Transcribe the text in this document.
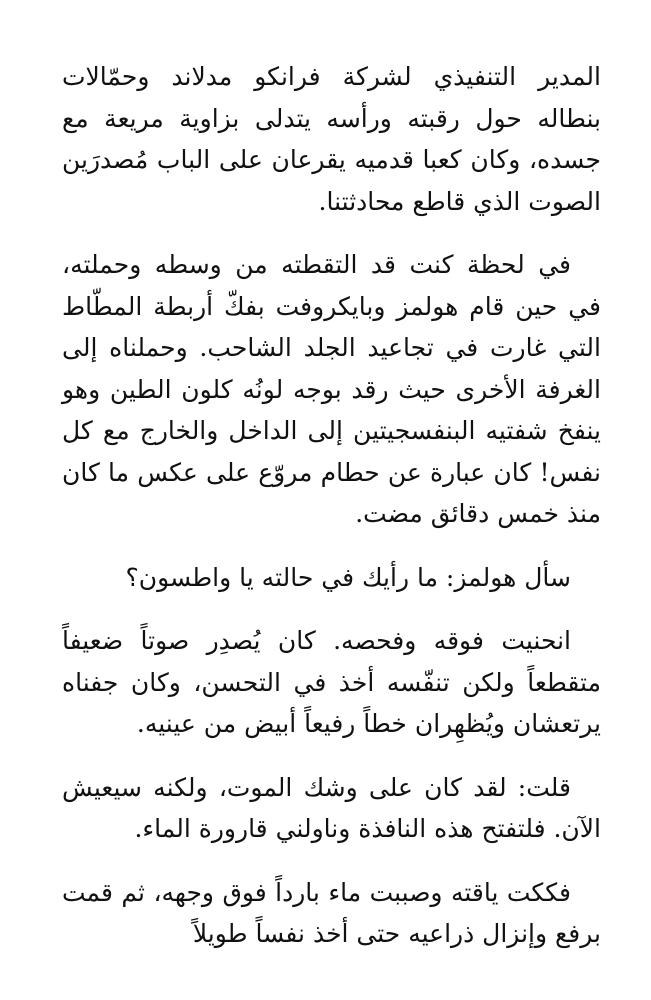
المدير التنفيذي لشركة فرانكو مدلاند وحمّالات بنطاله حول رقبته ورأسه يتدلى بزاوية مريعة مع جسده، وكان كعبا قدميه يقرعان على الباب مُصدرَين الصوت الذي قاطع محادثتنا.

في لحظة كنت قد التقطته من وسطه وحملته، في حين قام هولمز وبايكروفت بفكّ أربطة المطّاط التي غارت في تجاعيد الجلد الشاحب. وحملناه إلى الغرفة الأخرى حيث رقد بوجه لونُه كلون الطين وهو ينفخ شفتيه البنفسجيتين إلى الداخل والخارج مع كل نفس! كان عبارة عن حطام مروّع على عكس ما كان منذ خمس دقائق مضت.

سأل هولمز: ما رأيك في حالته يا واطسون؟

انحنيت فوقه وفحصه. كان يُصدِر صوتاً ضعيفاً متقطعاً ولكن تنفّسه أخذ في التحسن، وكان جفناه يرتعشان ويُظهِران خطاً رفيعاً أبيض من عينيه.

قلت: لقد كان على وشك الموت، ولكنه سيعيش الآن. فلتفتح هذه النافذة وناولني قارورة الماء.

فككت ياقته وصببت ماء بارداً فوق وجهه، ثم قمت برفع وإنزال ذراعيه حتى أخذ نفساً طويلاً
